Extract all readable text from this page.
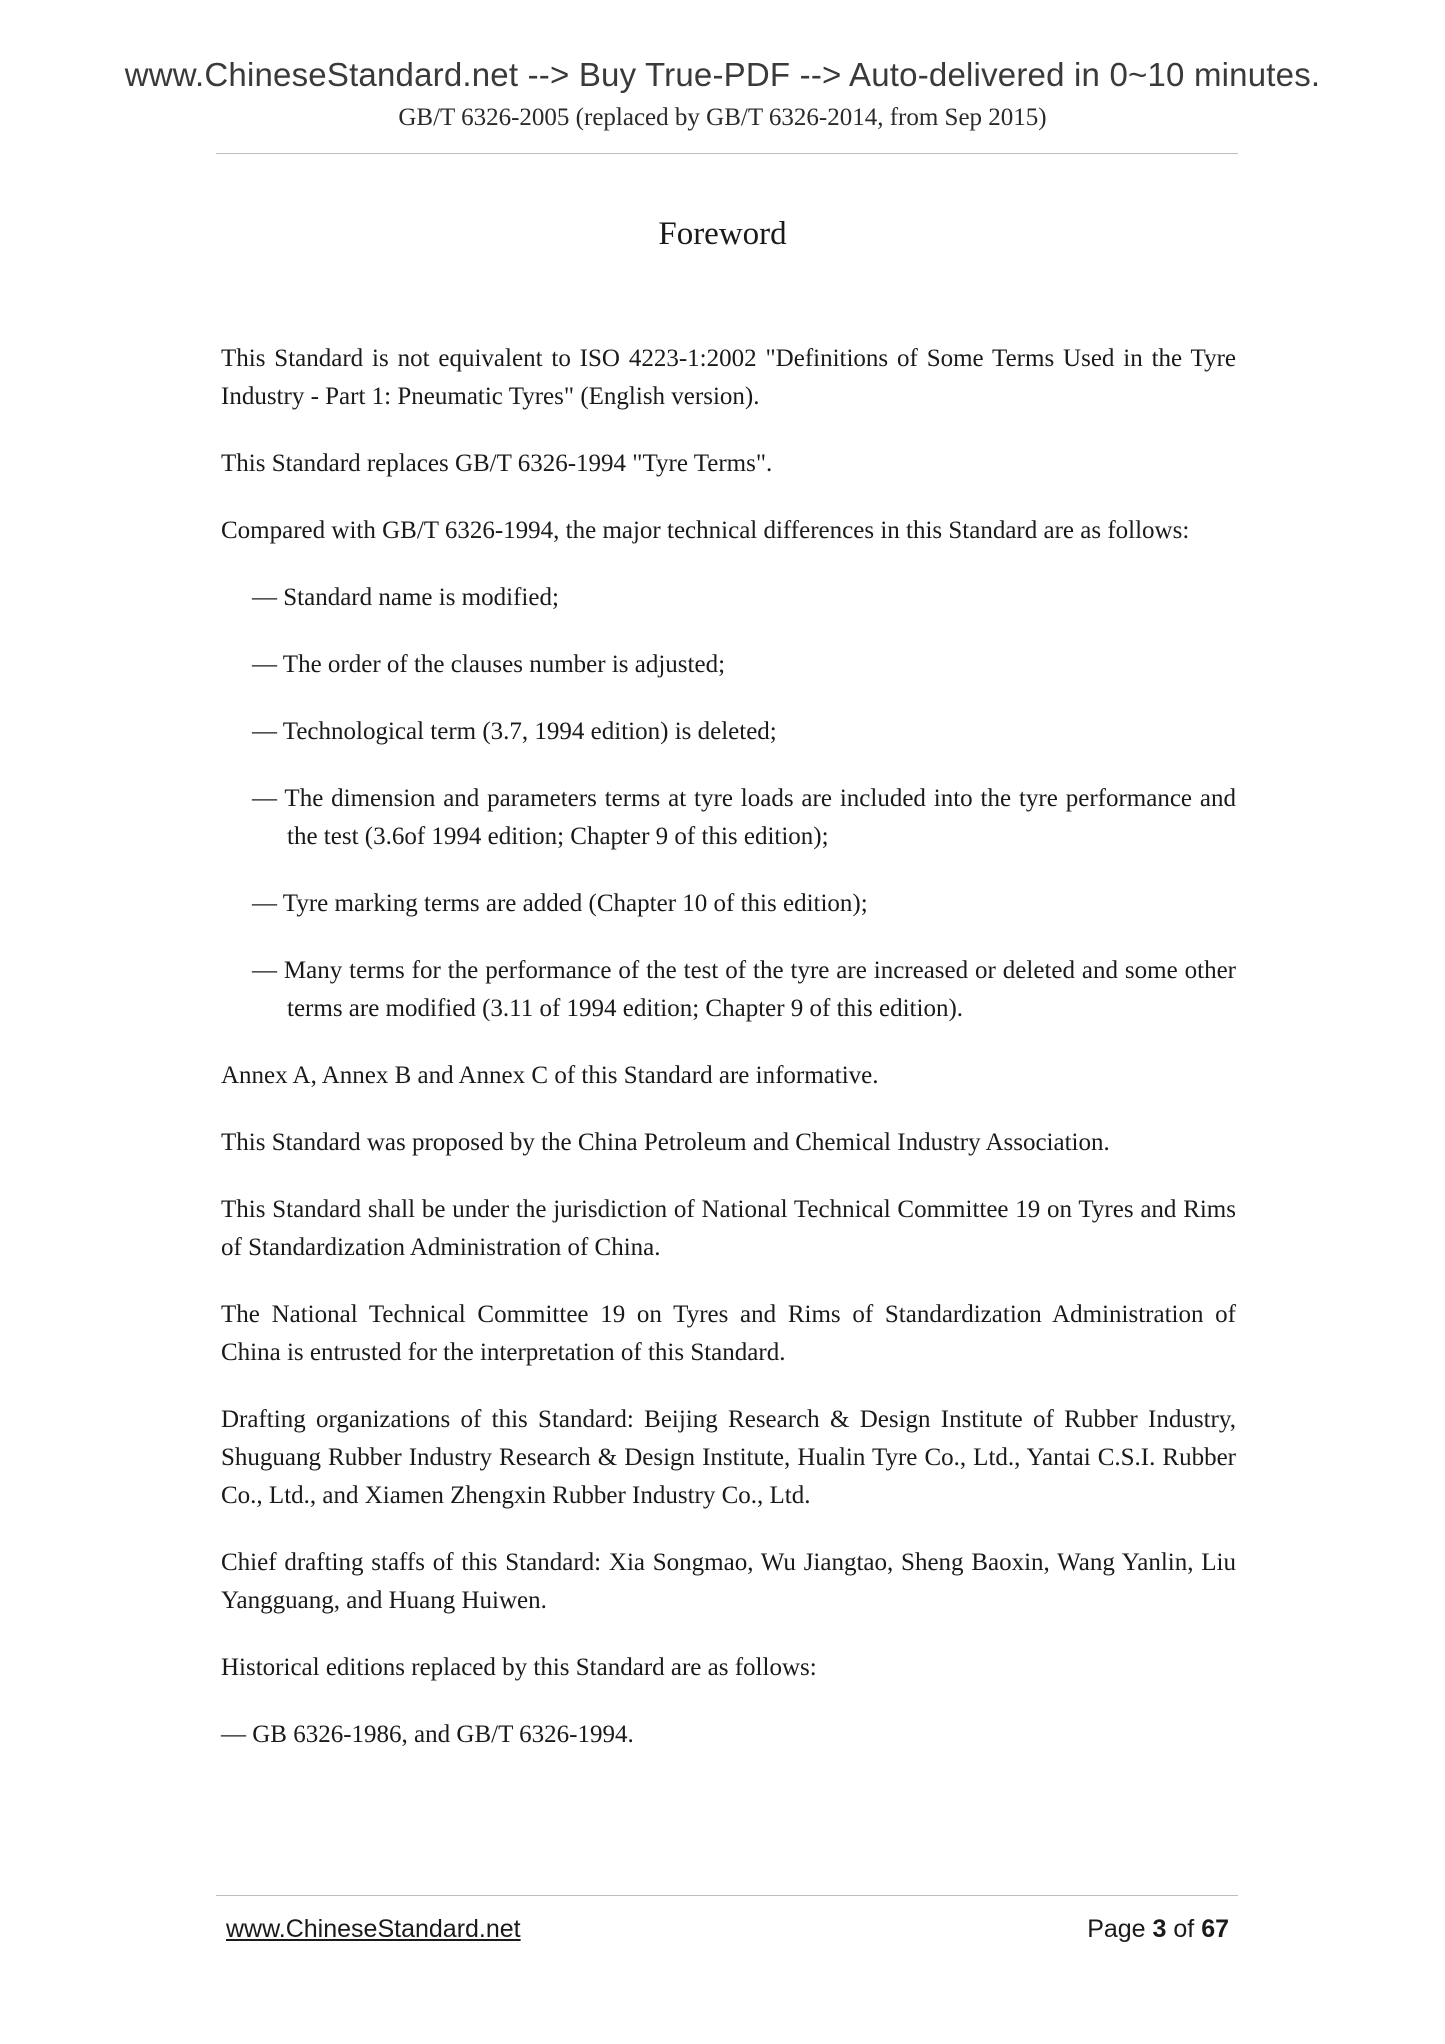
www.ChineseStandard.net --> Buy True-PDF --> Auto-delivered in 0~10 minutes.
GB/T 6326-2005 (replaced by GB/T 6326-2014, from Sep 2015)
Foreword

This Standard is not equivalent to ISO 4223-1:2002 "Definitions of Some Terms Used in the Tyre Industry - Part 1: Pneumatic Tyres" (English version).

This Standard replaces GB/T 6326-1994 "Tyre Terms".

Compared with GB/T 6326-1994, the major technical differences in this Standard are as follows:

— Standard name is modified;
— The order of the clauses number is adjusted;
— Technological term (3.7, 1994 edition) is deleted;
— The dimension and parameters terms at tyre loads are included into the tyre performance and the test (3.6of 1994 edition; Chapter 9 of this edition);
— Tyre marking terms are added (Chapter 10 of this edition);
— Many terms for the performance of the test of the tyre are increased or deleted and some other terms are modified (3.11 of 1994 edition; Chapter 9 of this edition).

Annex A, Annex B and Annex C of this Standard are informative.

This Standard was proposed by the China Petroleum and Chemical Industry Association.

This Standard shall be under the jurisdiction of National Technical Committee 19 on Tyres and Rims of Standardization Administration of China.

The National Technical Committee 19 on Tyres and Rims of Standardization Administration of China is entrusted for the interpretation of this Standard.

Drafting organizations of this Standard: Beijing Research & Design Institute of Rubber Industry, Shuguang Rubber Industry Research & Design Institute, Hualin Tyre Co., Ltd., Yantai C.S.I. Rubber Co., Ltd., and Xiamen Zhengxin Rubber Industry Co., Ltd.

Chief drafting staffs of this Standard: Xia Songmao, Wu Jiangtao, Sheng Baoxin, Wang Yanlin, Liu Yangguang, and Huang Huiwen.

Historical editions replaced by this Standard are as follows:

— GB 6326-1986, and GB/T 6326-1994.

www.ChineseStandard.net	Page 3 of 67
